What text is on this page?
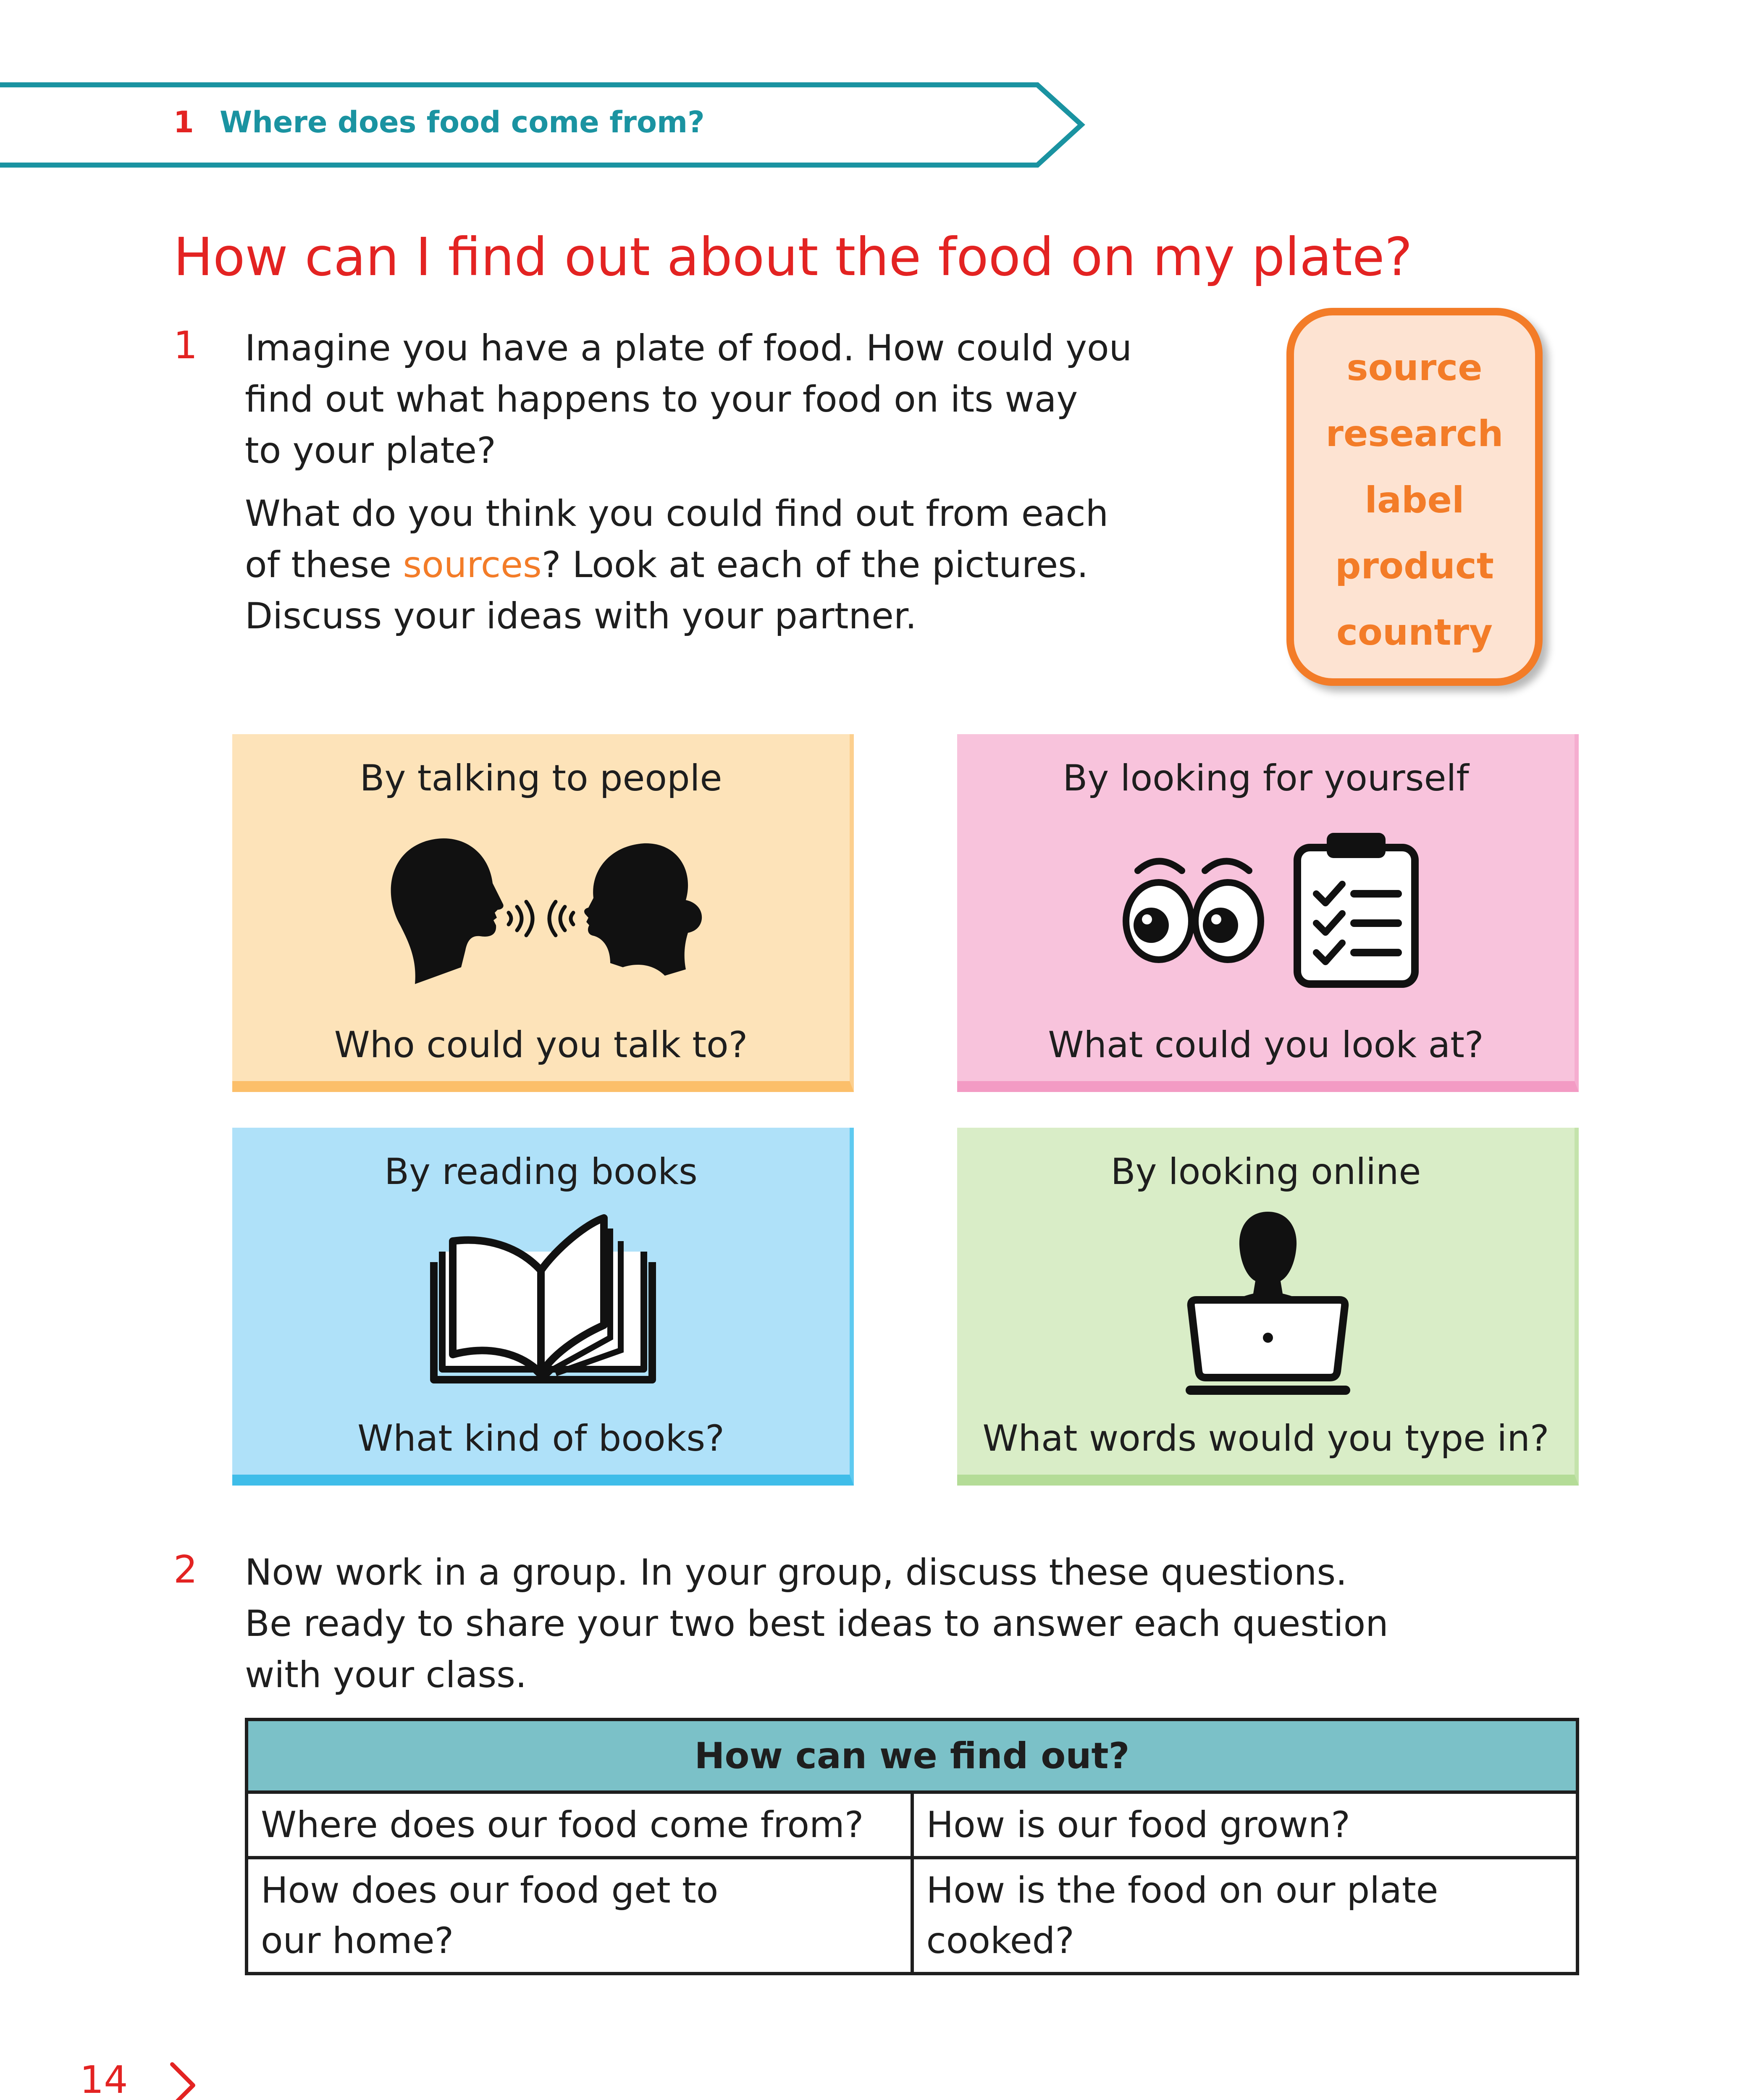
1 Where does food come from?
How can I find out about the food on my plate?
1 Imagine you have a plate of food. How could you
find out what happens to your food on its way
to your plate?
What do you think you could find out from each
of these sources? Look at each of the pictures.
Discuss your ideas with your partner.
source
research
label
product
country
By talking to people
Who could you talk to?
By looking for yourself
What could you look at?
By reading books
What kind of books?
By looking online
What words would you type in?
2 Now work in a group. In your group, discuss these questions.
Be ready to share your two best ideas to answer each question
with your class.
How can we find out?	
Where does our food come from?	How is our food grown?
How does our food get to
our home?	How is the food on our plate
cooked?
14
